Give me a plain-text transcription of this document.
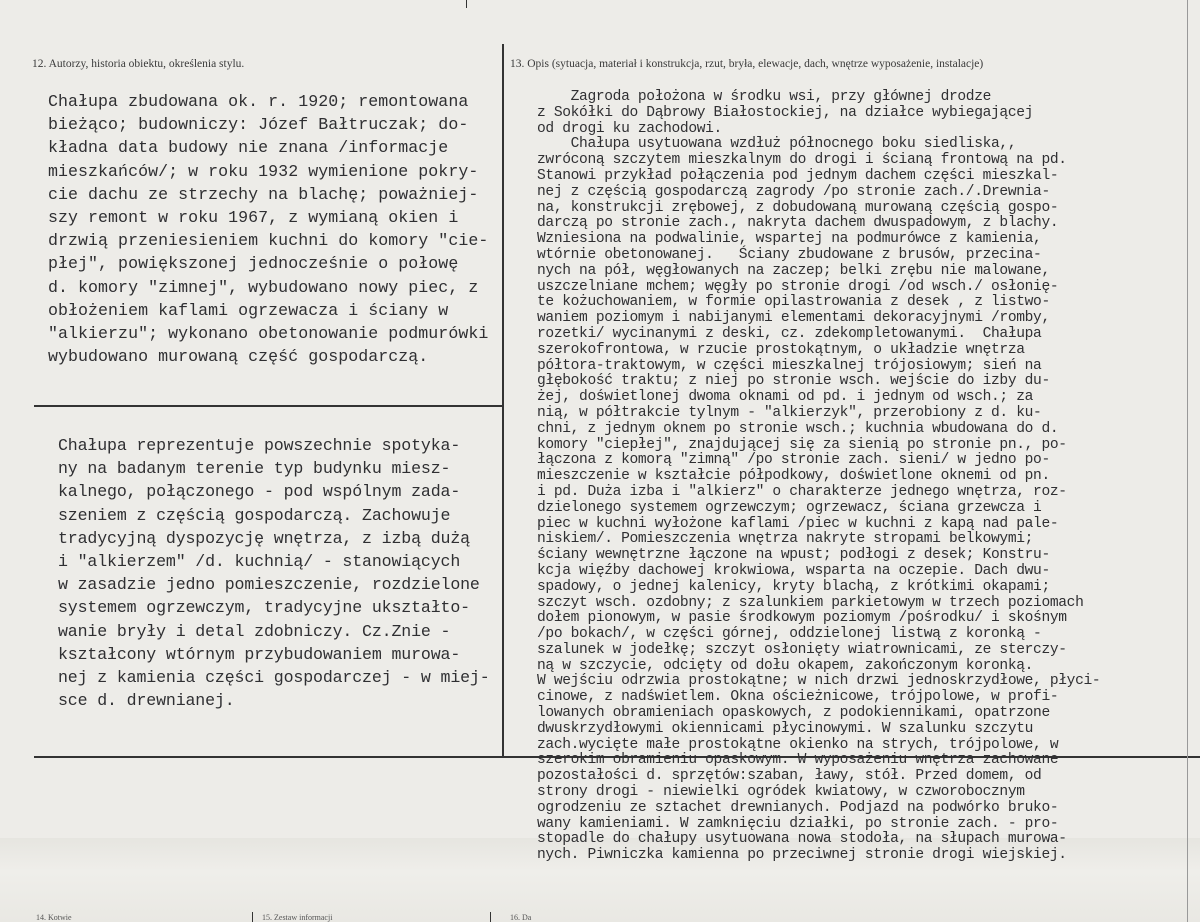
12. Autorzy, historia obiektu, określenia stylu.	13. Opis (sytuacja, materiał i konstrukcja, rzut, bryła, elewacje, dach, wnętrze wyposażenie, instalacje)
Chałupa zbudowana ok. r. 1920; remontowana
bieżąco; budowniczy: Józef Bałtruczak; do-
kładna data budowy nie znana /informacje
mieszkańców/; w roku 1932 wymienione pokry-
cie dachu ze strzechy na blachę; poważniej-
szy remont w roku 1967, z wymianą okien i
drzwią przeniesieniem kuchni do komory "cie-
płej", powiększonej jednocześnie o połowę
d. komory "zimnej", wybudowano nowy piec, z
obłożeniem kaflami ogrzewacza i ściany w
"alkierzu"; wykonano obetonowanie podmurówki
wybudowano murowaną część gospodarczą.
Chałupa reprezentuje powszechnie spotyka-
ny na badanym terenie typ budynku miesz-
kalnego, połączonego - pod wspólnym zada-
szeniem z częścią gospodarczą. Zachowuje
tradycyjną dyspozycję wnętrza, z izbą dużą
i "alkierzem" /d. kuchnią/ - stanowiących
w zasadzie jedno pomieszczenie, rozdzielone
systemem ogrzewczym, tradycyjne ukształto-
wanie bryły i detal zdobniczy. Cz.Znie -
kształcony wtórnym przybudowaniem murowa-
nej z kamienia części gospodarczej - w miej-
sce d. drewnianej.
Zagroda położona w środku wsi, przy głównej drodze
z Sokółki do Dąbrowy Białostockiej, na działce wybiegającej
od drogi ku zachodowi.
Chałupa usytuowana wzdłuż północnego boku siedliska,,
zwróconą szczytem mieszkalnym do drogi i ścianą frontową na pd.
Stanowi przykład połączenia pod jednym dachem części mieszkal-
nej z częścią gospodarczą zagrody /po stronie zach./.Drewnia-
na, konstrukcji zrębowej, z dobudowaną murowaną częścią gospo-
darczą po stronie zach., nakryta dachem dwuspadowym, z blachy.
Wzniesiona na podwalinie, wspartej na podmurówce z kamienia,
wtórnie obetonowanej.   Ściany zbudowane z brusów, przecina-
nych na pół, węgłowanych na zaczep; belki zrębu nie malowane,
uszczelniane mchem; węgły po stronie drogi /od wsch./ osłonię-
te kożuchowaniem, w formie opilastrowania z desek , z listwo-
waniem poziomym i nabijanymi elementami dekoracyjnymi /romby,
rozetki/ wycinanymi z deski, cz. zdekompletowanymi.  Chałupa
szerokofrontowa, w rzucie prostokątnym, o układzie wnętrza
półtora-traktowym, w części mieszkalnej trójosiowym; sień na
głębokość traktu; z niej po stronie wsch. wejście do izby du-
żej, doświetlonej dwoma oknami od pd. i jednym od wsch.; za
nią, w półtrakcie tylnym - "alkierzyk", przerobiony z d. ku-
chni, z jednym oknem po stronie wsch.; kuchnia wbudowana do d.
komory "ciepłej", znajdującej się za sienią po stronie pn., po-
łączona z komorą "zimną" /po stronie zach. sieni/ w jedno po-
mieszczenie w kształcie półpodkowy, doświetlone oknemi od pn.
i pd. Duża izba i "alkierz" o charakterze jednego wnętrza, roz-
dzielonego systemem ogrzewczym; ogrzewacz, ściana grzewcza i
piec w kuchni wyłożone kaflami /piec w kuchni z kapą nad pale-
niskiem/. Pomieszczenia wnętrza nakryte stropami belkowymi;
ściany wewnętrzne łączone na wpust; podłogi z desek; Konstru-
kcja więźby dachowej krokwiowa, wsparta na oczepie. Dach dwu-
spadowy, o jednej kalenicy, kryty blachą, z krótkimi okapami;
szczyt wsch. ozdobny; z szalunkiem parkietowym w trzech poziomach
dołem pionowym, w pasie środkowym poziomym /pośrodku/ i skośnym
/po bokach/, w części górnej, oddzielonej listwą z koronką -
szalunek w jodełkę; szczyt osłonięty wiatrownicami, ze sterczy-
ną w szczycie, odcięty od dołu okapem, zakończonym koronką.
W wejściu odrzwia prostokątne; w nich drzwi jednoskrzydłowe, płyci-
cinowe, z nadświetlem. Okna ościeżnicowe, trójpolowe, w profi-
lowanych obramieniach opaskowych, z podokiennikami, opatrzone
dwuskrzydłowymi okiennicami płycinowymi. W szalunku szczytu
zach.wycięte małe prostokątne okienko na strych, trójpolowe, w
szerokim obramieniu opaskowym. W wyposażeniu wnętrza zachowane
pozostałości d. sprzętów:szaban, ławy, stół. Przed domem, od
strony drogi - niewielki ogródek kwiatowy, w czworobocznym
ogrodzeniu ze sztachet drewnianych. Podjazd na podwórko bruko-
wany kamieniami. W zamknięciu działki, po stronie zach. - pro-
stopadle do chałupy usytuowana nowa stodoła, na słupach murowa-
nych. Piwniczka kamienna po przeciwnej stronie drogi wiejskiej.
14. Kotwie	15. Zestaw informacji	16. Da
